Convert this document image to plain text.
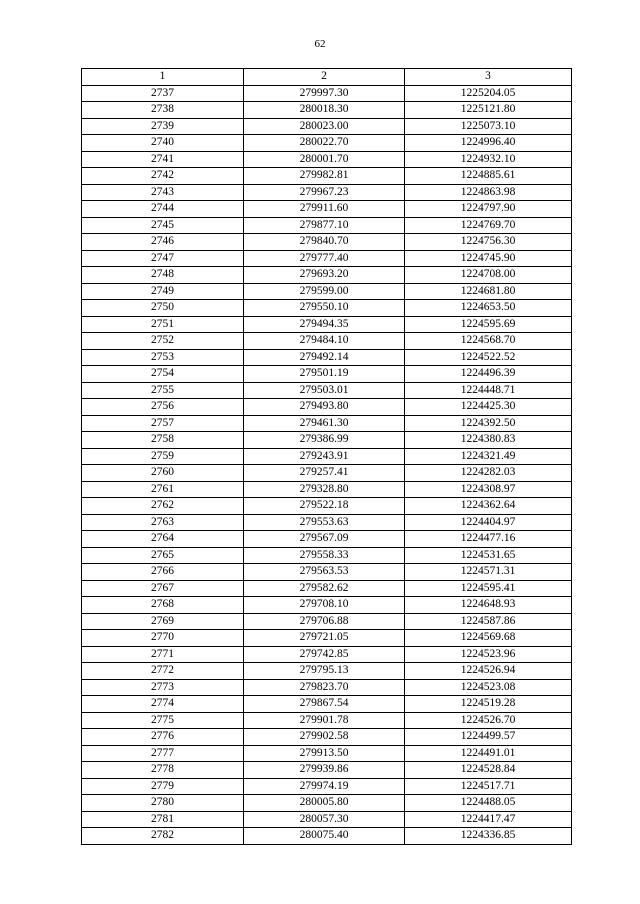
62
1	2	3
2737	279997.30	1225204.05
2738	280018.30	1225121.80
2739	280023.00	1225073.10
2740	280022.70	1224996.40
2741	280001.70	1224932.10
2742	279982.81	1224885.61
2743	279967.23	1224863.98
2744	279911.60	1224797.90
2745	279877.10	1224769.70
2746	279840.70	1224756.30
2747	279777.40	1224745.90
2748	279693.20	1224708.00
2749	279599.00	1224681.80
2750	279550.10	1224653.50
2751	279494.35	1224595.69
2752	279484.10	1224568.70
2753	279492.14	1224522.52
2754	279501.19	1224496.39
2755	279503.01	1224448.71
2756	279493.80	1224425.30
2757	279461.30	1224392.50
2758	279386.99	1224380.83
2759	279243.91	1224321.49
2760	279257.41	1224282.03
2761	279328.80	1224308.97
2762	279522.18	1224362.64
2763	279553.63	1224404.97
2764	279567.09	1224477.16
2765	279558.33	1224531.65
2766	279563.53	1224571.31
2767	279582.62	1224595.41
2768	279708.10	1224648.93
2769	279706.88	1224587.86
2770	279721.05	1224569.68
2771	279742.85	1224523.96
2772	279795.13	1224526.94
2773	279823.70	1224523.08
2774	279867.54	1224519.28
2775	279901.78	1224526.70
2776	279902.58	1224499.57
2777	279913.50	1224491.01
2778	279939.86	1224528.84
2779	279974.19	1224517.71
2780	280005.80	1224488.05
2781	280057.30	1224417.47
2782	280075.40	1224336.85
